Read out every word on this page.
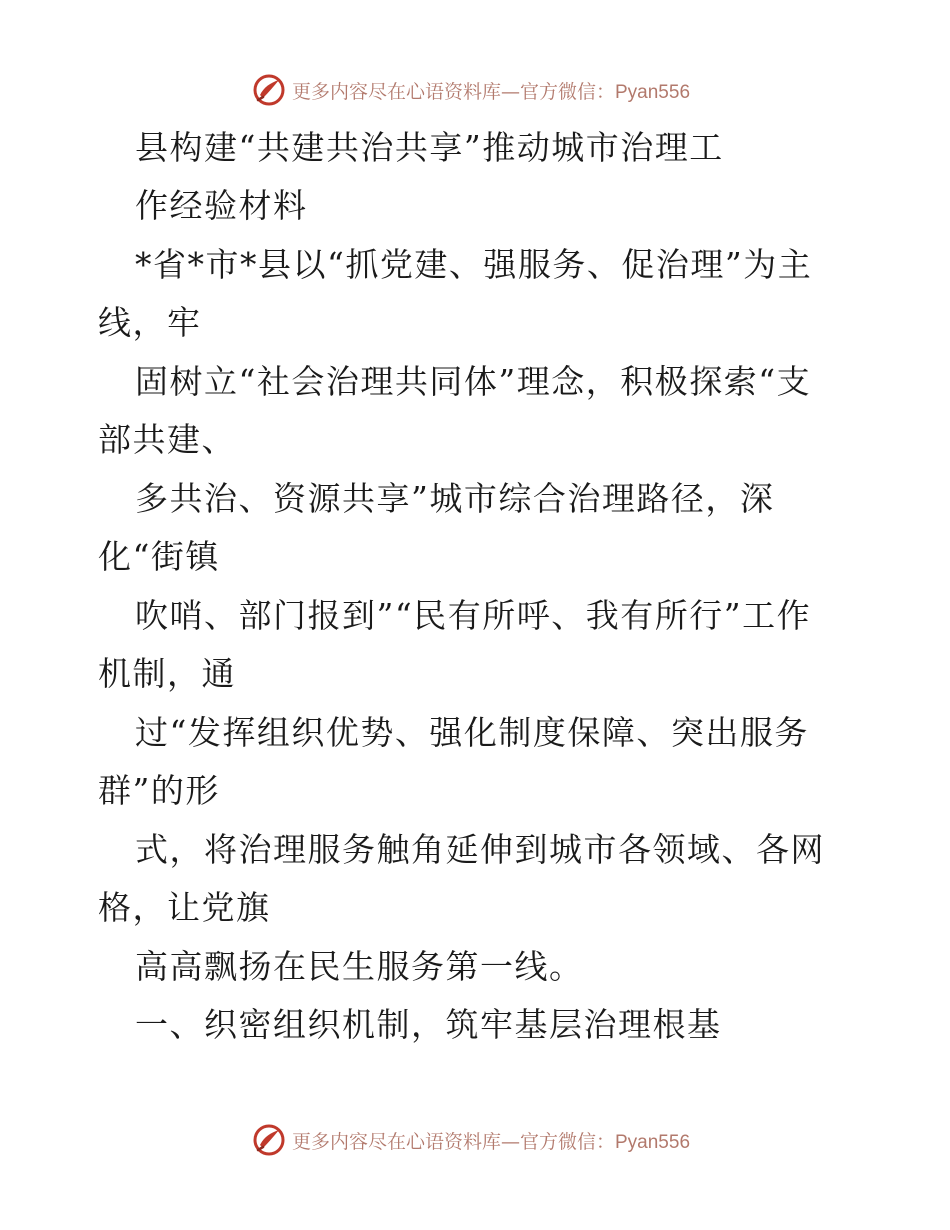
更多内容尽在心语资料库—官方微信：Pyan556
县构建“共建共治共享”推动城市治理工
作经验材料
*省*市*县以“抓党建、强服务、促治理”为主
线，牢
固树立“社会治理共同体”理念，积极探索“支
部共建、
多共治、资源共享”城市综合治理路径，深
化“街镇
吹哨、部门报到”“民有所呼、我有所行”工作
机制，通
过“发挥组织优势、强化制度保障、突出服务
群”的形
式，将治理服务触角延伸到城市各领域、各网
格，让党旗
高高飘扬在民生服务第一线。
一、织密组织机制，筑牢基层治理根基
更多内容尽在心语资料库—官方微信：Pyan556
